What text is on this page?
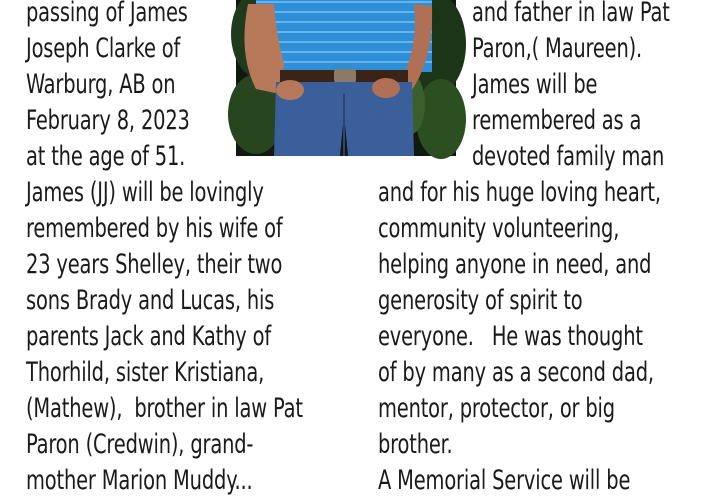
passing of James
Joseph Clarke of
Warburg, AB on
February 8, 2023
at the age of 51.
and father in law Pat
Paron,( Maureen).
James will be
remembered as a
devoted family man
James (JJ) will be lovingly
remembered by his wife of
23 years Shelley, their two
sons Brady and Lucas, his
parents Jack and Kathy of
Thorhild, sister Kristiana,
(Mathew),  brother in law Pat
Paron (Credwin), grand-
mother Marion Muddy...
and for his huge loving heart,
community volunteering,
helping anyone in need, and
generosity of spirit to
everyone.   He was thought
of by many as a second dad,
mentor, protector, or big
brother.
A Memorial Service will be
